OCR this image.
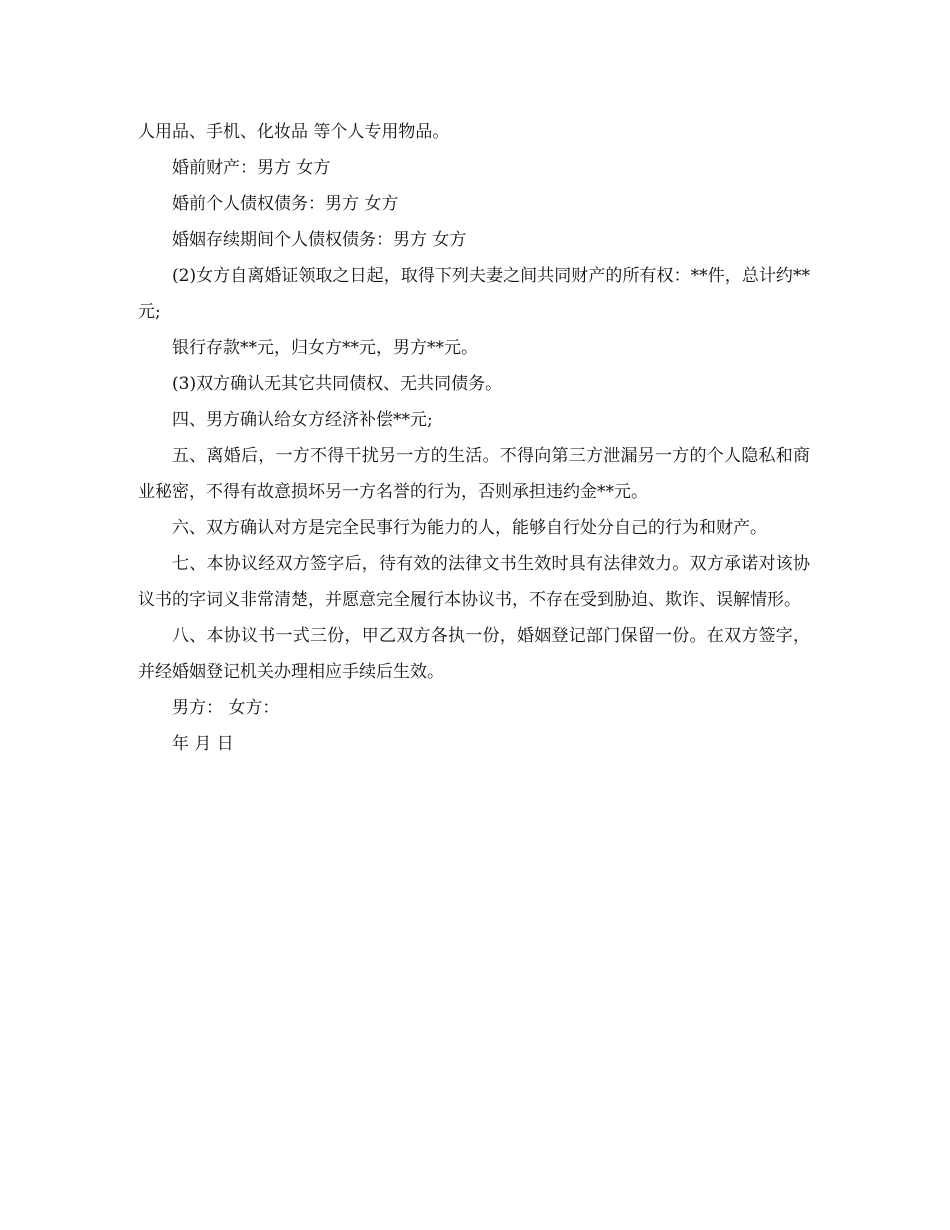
人用品、手机、化妆品 等个人专用物品。

婚前财产：男方 女方

婚前个人债权债务：男方 女方

婚姻存续期间个人债权债务：男方 女方

(2)女方自离婚证领取之日起，取得下列夫妻之间共同财产的所有权：**件，总计约**元;

银行存款**元，归女方**元，男方**元。

(3)双方确认无其它共同债权、无共同债务。

四、男方确认给女方经济补偿**元;

五、离婚后，一方不得干扰另一方的生活。不得向第三方泄漏另一方的个人隐私和商业秘密，不得有故意损坏另一方名誉的行为，否则承担违约金**元。

六、双方确认对方是完全民事行为能力的人，能够自行处分自己的行为和财产。

七、本协议经双方签字后，待有效的法律文书生效时具有法律效力。双方承诺对该协议书的字词义非常清楚，并愿意完全履行本协议书，不存在受到胁迫、欺诈、误解情形。

八、本协议书一式三份，甲乙双方各执一份，婚姻登记部门保留一份。在双方签字，并经婚姻登记机关办理相应手续后生效。

男方： 女方：

年 月 日
